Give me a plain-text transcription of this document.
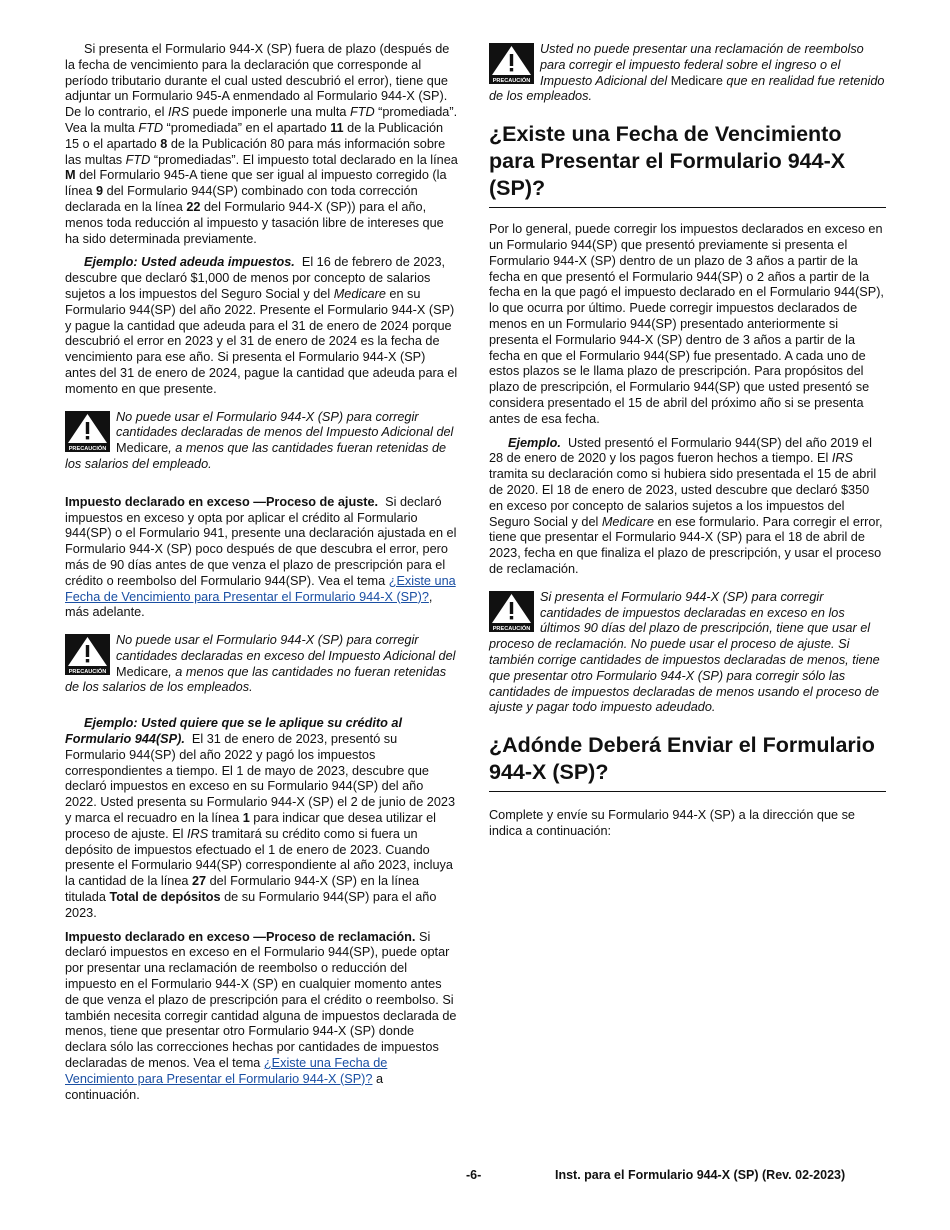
Si presenta el Formulario 944-X (SP) fuera de plazo (después de la fecha de vencimiento para la declaración que corresponde al período tributario durante el cual usted descubrió el error), tiene que adjuntar un Formulario 945-A enmendado al Formulario 944-X (SP). De lo contrario, el IRS puede imponerle una multa FTD “promediada”. Vea la multa FTD “promediada” en el apartado 11 de la Publicación 15 o el apartado 8 de la Publicación 80 para más información sobre las multas FTD “promediadas”. El impuesto total declarado en la línea M del Formulario 945-A tiene que ser igual al impuesto corregido (la línea 9 del Formulario 944(SP) combinado con toda corrección declarada en la línea 22 del Formulario 944-X (SP)) para el año, menos toda reducción al impuesto y tasación libre de intereses que ha sido determinada previamente.

Ejemplo: Usted adeuda impuestos. El 16 de febrero de 2023, descubre que declaró $1,000 de menos por concepto de salarios sujetos a los impuestos del Seguro Social y del Medicare en su Formulario 944(SP) del año 2022. Presente el Formulario 944-X (SP) y pague la cantidad que adeuda para el 31 de enero de 2024 porque descubrió el error en 2023 y el 31 de enero de 2024 es la fecha de vencimiento para ese año. Si presenta el Formulario 944-X (SP) antes del 31 de enero de 2024, pague la cantidad que adeuda para el momento en que presente.

PRECAUCIÓN
No puede usar el Formulario 944-X (SP) para corregir cantidades declaradas de menos del Impuesto Adicional del Medicare, a menos que las cantidades fueran retenidas de los salarios del empleado.

Impuesto declarado en exceso —Proceso de ajuste. Si declaró impuestos en exceso y opta por aplicar el crédito al Formulario 944(SP) o el Formulario 941, presente una declaración ajustada en el Formulario 944-X (SP) poco después de que descubra el error, pero más de 90 días antes de que venza el plazo de prescripción para el crédito o reembolso del Formulario 944(SP). Vea el tema ¿Existe una Fecha de Vencimiento para Presentar el Formulario 944-X (SP)?, más adelante.

PRECAUCIÓN
No puede usar el Formulario 944-X (SP) para corregir cantidades declaradas en exceso del Impuesto Adicional del Medicare, a menos que las cantidades no fueran retenidas de los salarios de los empleados.

Ejemplo: Usted quiere que se le aplique su crédito al Formulario 944(SP). El 31 de enero de 2023, presentó su Formulario 944(SP) del año 2022 y pagó los impuestos correspondientes a tiempo. El 1 de mayo de 2023, descubre que declaró impuestos en exceso en su Formulario 944(SP) del año 2022. Usted presenta su Formulario 944-X (SP) el 2 de junio de 2023 y marca el recuadro en la línea 1 para indicar que desea utilizar el proceso de ajuste. El IRS tramitará su crédito como si fuera un depósito de impuestos efectuado el 1 de enero de 2023. Cuando presente el Formulario 944(SP) correspondiente al año 2023, incluya la cantidad de la línea 27 del Formulario 944-X (SP) en la línea titulada Total de depósitos de su Formulario 944(SP) para el año 2023.

Impuesto declarado en exceso —Proceso de reclamación. Si declaró impuestos en exceso en el Formulario 944(SP), puede optar por presentar una reclamación de reembolso o reducción del impuesto en el Formulario 944-X (SP) en cualquier momento antes de que venza el plazo de prescripción para el crédito o reembolso. Si también necesita corregir cantidad alguna de impuestos declarada de menos, tiene que presentar otro Formulario 944-X (SP) donde declara sólo las correcciones hechas por cantidades de impuestos declaradas de menos. Vea el tema ¿Existe una Fecha de Vencimiento para Presentar el Formulario 944-X (SP)? a continuación.

PRECAUCIÓN
Usted no puede presentar una reclamación de reembolso para corregir el impuesto federal sobre el ingreso o el Impuesto Adicional del Medicare que en realidad fue retenido de los empleados.
¿Existe una Fecha de Vencimiento para Presentar el Formulario 944-X (SP)?

Por lo general, puede corregir los impuestos declarados en exceso en un Formulario 944(SP) que presentó previamente si presenta el Formulario 944-X (SP) dentro de un plazo de 3 años a partir de la fecha en que presentó el Formulario 944(SP) o 2 años a partir de la fecha en la que pagó el impuesto declarado en el Formulario 944(SP), lo que ocurra por último. Puede corregir impuestos declarados de menos en un Formulario 944(SP) presentado anteriormente si presenta el Formulario 944-X (SP) dentro de 3 años a partir de la fecha en que el Formulario 944(SP) fue presentado. A cada uno de estos plazos se le llama plazo de prescripción. Para propósitos del plazo de prescripción, el Formulario 944(SP) que usted presentó se considera presentado el 15 de abril del próximo año si se presenta antes de esa fecha.

Ejemplo. Usted presentó el Formulario 944(SP) del año 2019 el 28 de enero de 2020 y los pagos fueron hechos a tiempo. El IRS tramita su declaración como si hubiera sido presentada el 15 de abril de 2020. El 18 de enero de 2023, usted descubre que declaró $350 en exceso por concepto de salarios sujetos a los impuestos del Seguro Social y del Medicare en ese formulario. Para corregir el error, tiene que presentar el Formulario 944-X (SP) para el 18 de abril de 2023, fecha en que finaliza el plazo de prescripción, y usar el proceso de reclamación.

PRECAUCIÓN
Si presenta el Formulario 944-X (SP) para corregir cantidades de impuestos declaradas en exceso en los últimos 90 días del plazo de prescripción, tiene que usar el proceso de reclamación. No puede usar el proceso de ajuste. Si también corrige cantidades de impuestos declaradas de menos, tiene que presentar otro Formulario 944-X (SP) para corregir sólo las cantidades de impuestos declaradas de menos usando el proceso de ajuste y pagar todo impuesto adeudado.
¿Adónde Deberá Enviar el Formulario 944-X (SP)?

Complete y envíe su Formulario 944-X (SP) a la dirección que se indica a continuación:

-6-	Inst. para el Formulario 944-X (SP) (Rev. 02-2023)
